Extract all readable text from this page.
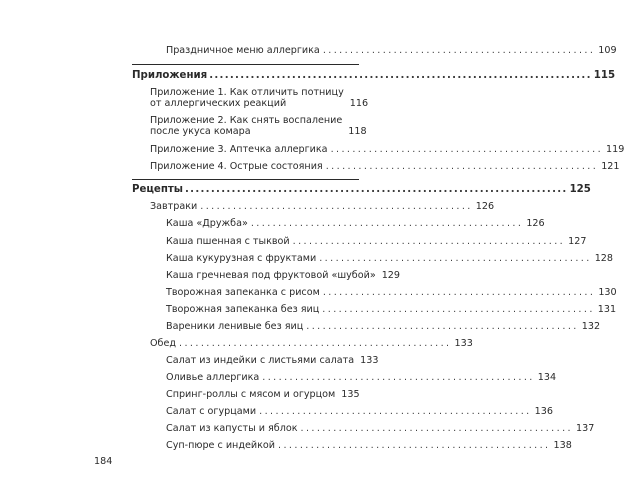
Праздничное меню аллергика .................................................. 109
Приложения .......................................................................... 115
Приложение 1. Как отличить потницу
от аллергических реакций	116
Приложение 2. Как снять воспаление
после укуса комара	118
Приложение 3. Аптечка аллергика .................................................. 119
Приложение 4. Острые состояния .................................................. 121
Рецепты .......................................................................... 125
Завтраки .................................................. 126
Каша «Дружба» .................................................. 126
Каша пшенная с тыквой .................................................. 127
Каша кукурузная с фруктами .................................................. 128
Каша гречневая под фруктовой «шубой» 129
Творожная запеканка с рисом .................................................. 130
Творожная запеканка без яиц .................................................. 131
Вареники ленивые без яиц .................................................. 132
Обед .................................................. 133
Салат из индейки с листьями салата 133
Оливье аллергика .................................................. 134
Спринг-роллы с мясом и огурцом 135
Салат с огурцами .................................................. 136
Салат из капусты и яблок .................................................. 137
Суп-пюре с индейкой .................................................. 138
184
